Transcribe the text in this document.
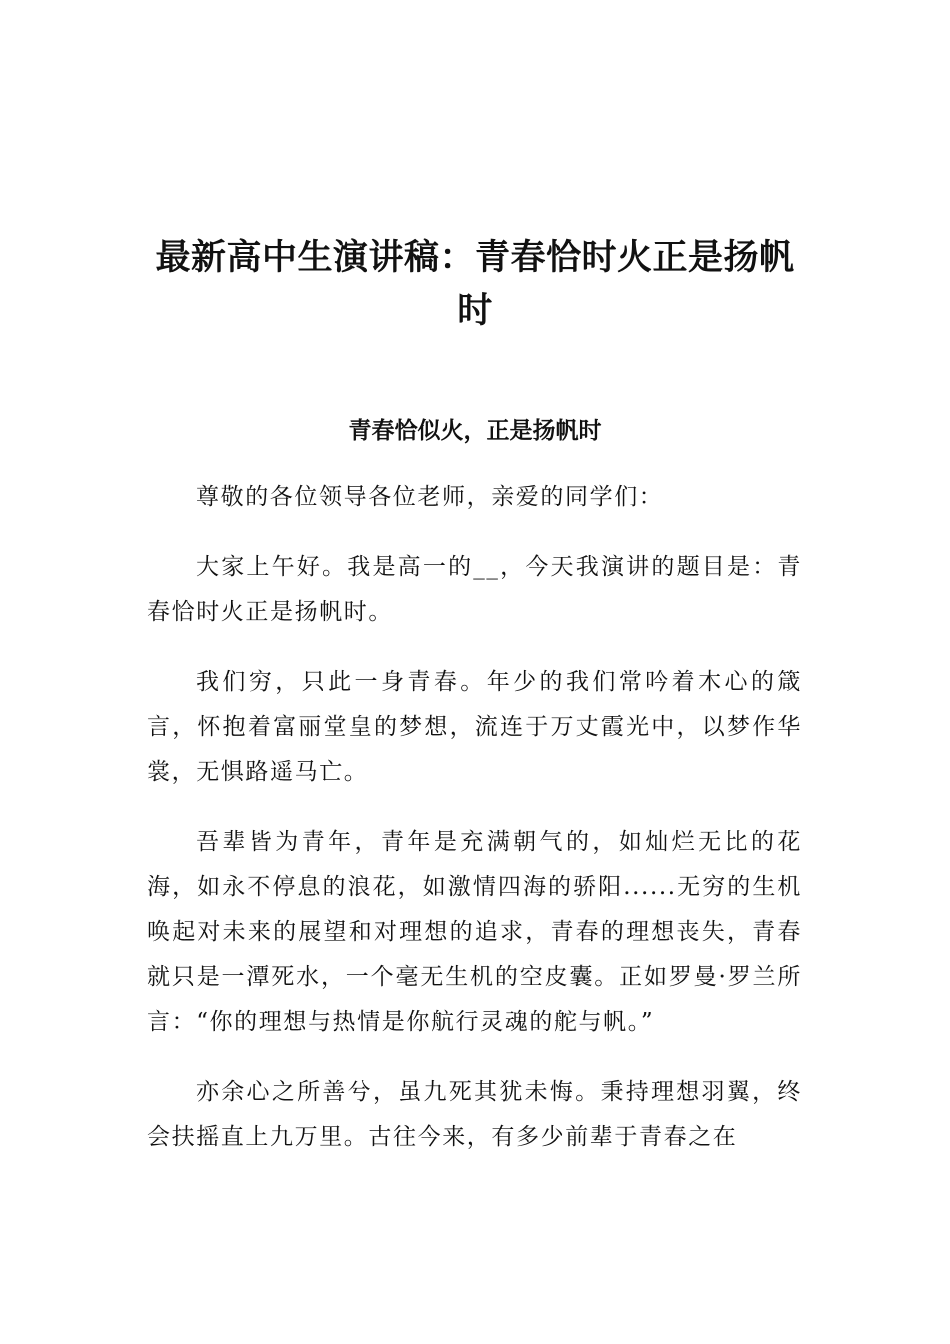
最新高中生演讲稿：青春恰时火正是扬帆时
青春恰似火，正是扬帆时

尊敬的各位领导各位老师，亲爱的同学们：

大家上午好。我是高一的__，今天我演讲的题目是：青春恰时火正是扬帆时。

我们穷，只此一身青春。年少的我们常吟着木心的箴言，怀抱着富丽堂皇的梦想，流连于万丈霞光中，以梦作华裳，无惧路遥马亡。

吾辈皆为青年，青年是充满朝气的，如灿烂无比的花海，如永不停息的浪花，如激情四海的骄阳......无穷的生机唤起对未来的展望和对理想的追求，青春的理想丧失，青春就只是一潭死水，一个毫无生机的空皮囊。正如罗曼·罗兰所言：“你的理想与热情是你航行灵魂的舵与帆。”

亦余心之所善兮，虽九死其犹未悔。秉持理想羽翼，终会扶摇直上九万里。古往今来，有多少前辈于青春之在
